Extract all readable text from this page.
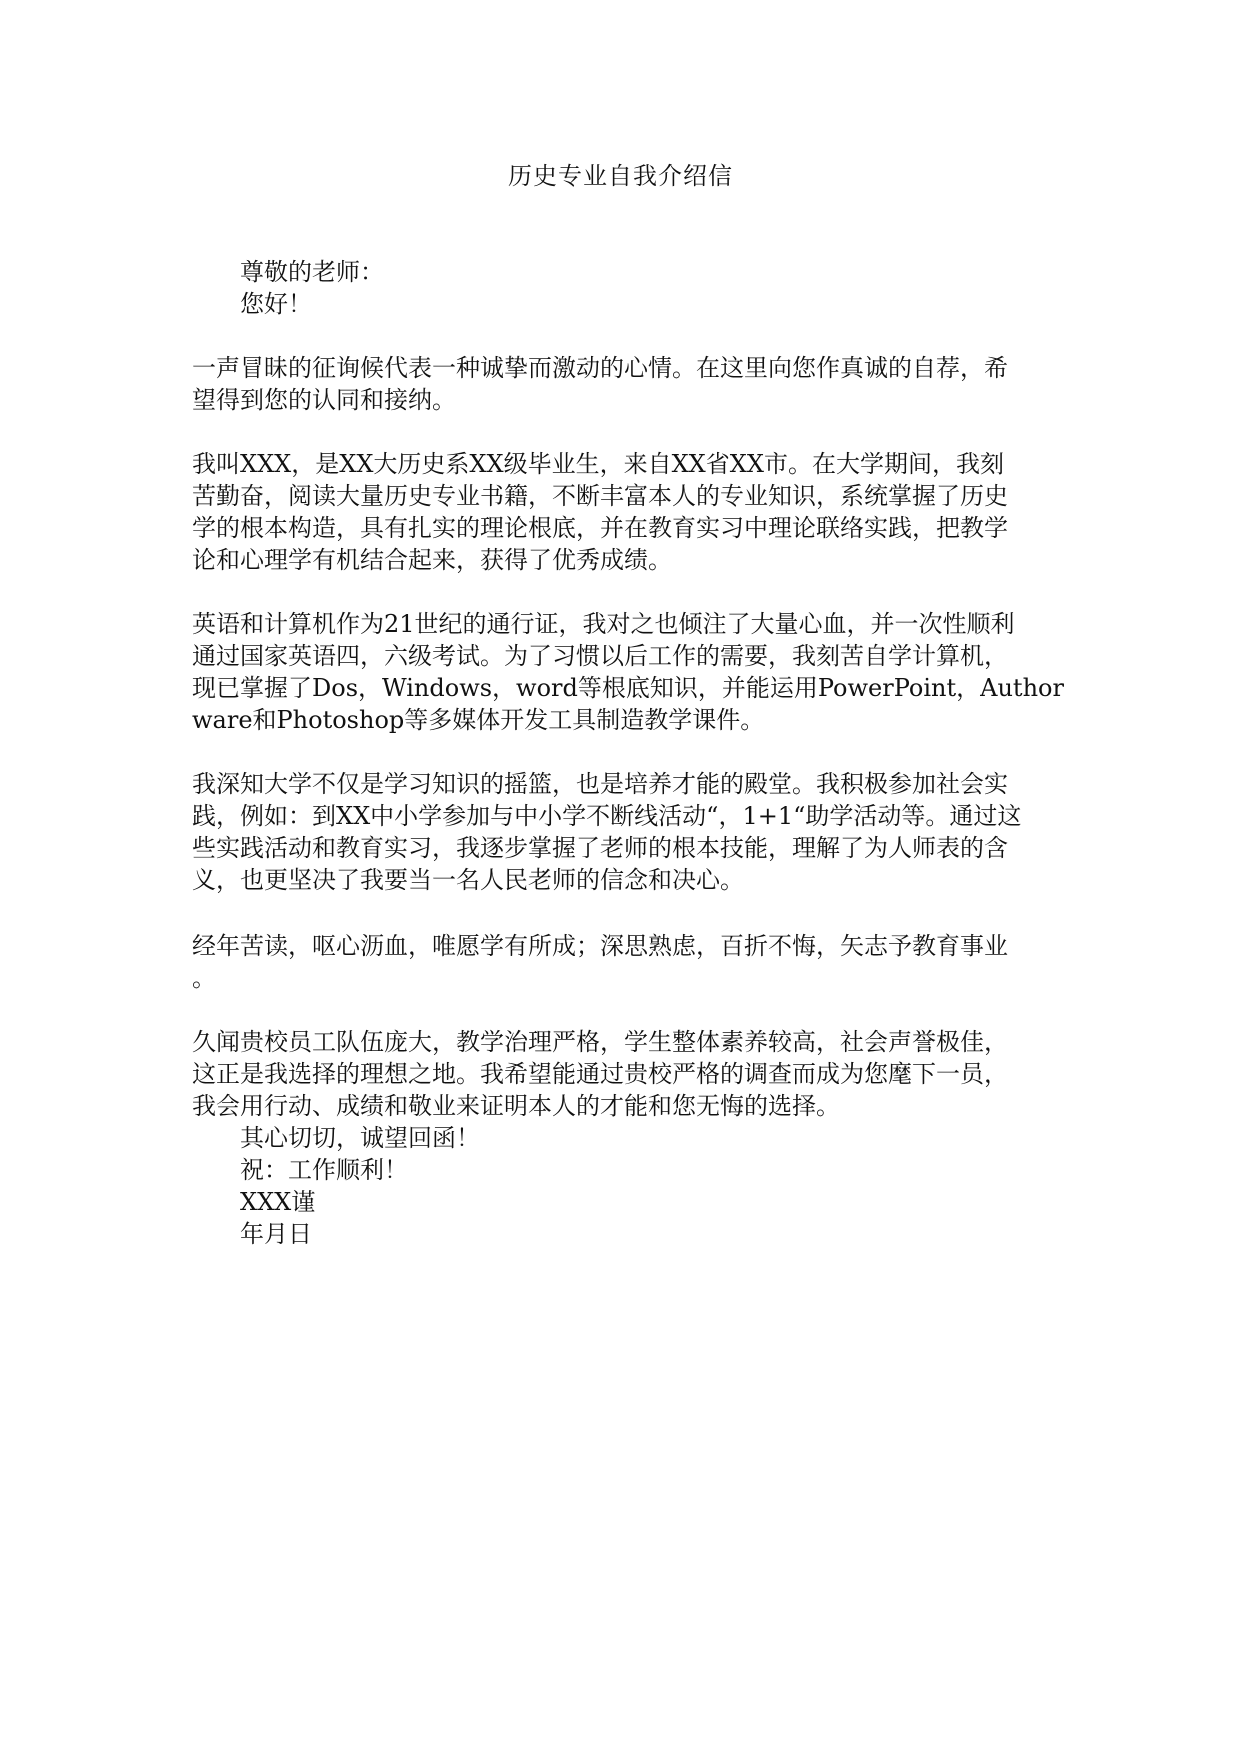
历史专业自我介绍信

尊敬的老师：

您好！

一声冒昧的征询候代表一种诚挚而激动的心情。在这里向您作真诚的自荐，希
望得到您的认同和接纳。
我叫XXX，是XX大历史系XX级毕业生，来自XX省XX市。在大学期间，我刻
苦勤奋，阅读大量历史专业书籍，不断丰富本人的专业知识，系统掌握了历史
学的根本构造，具有扎实的理论根底，并在教育实习中理论联络实践，把教学
论和心理学有机结合起来，获得了优秀成绩。
英语和计算机作为21世纪的通行证，我对之也倾注了大量心血，并一次性顺利
通过国家英语四，六级考试。为了习惯以后工作的需要，我刻苦自学计算机，
现已掌握了Dos，Windows，word等根底知识，并能运用PowerPoint，Author
ware和Photoshop等多媒体开发工具制造教学课件。
我深知大学不仅是学习知识的摇篮，也是培养才能的殿堂。我积极参加社会实
践，例如：到XX中小学参加与中小学不断线活动“，1+1“助学活动等。通过这
些实践活动和教育实习，我逐步掌握了老师的根本技能，理解了为人师表的含
义，也更坚决了我要当一名人民老师的信念和决心。
经年苦读，呕心沥血，唯愿学有所成；深思熟虑，百折不悔，矢志予教育事业
。
久闻贵校员工队伍庞大，教学治理严格，学生整体素养较高，社会声誉极佳，
这正是我选择的理想之地。我希望能通过贵校严格的调查而成为您麾下一员，
我会用行动、成绩和敬业来证明本人的才能和您无悔的选择。

其心切切，诚望回函！

祝：工作顺利！

XXX谨

年月日
